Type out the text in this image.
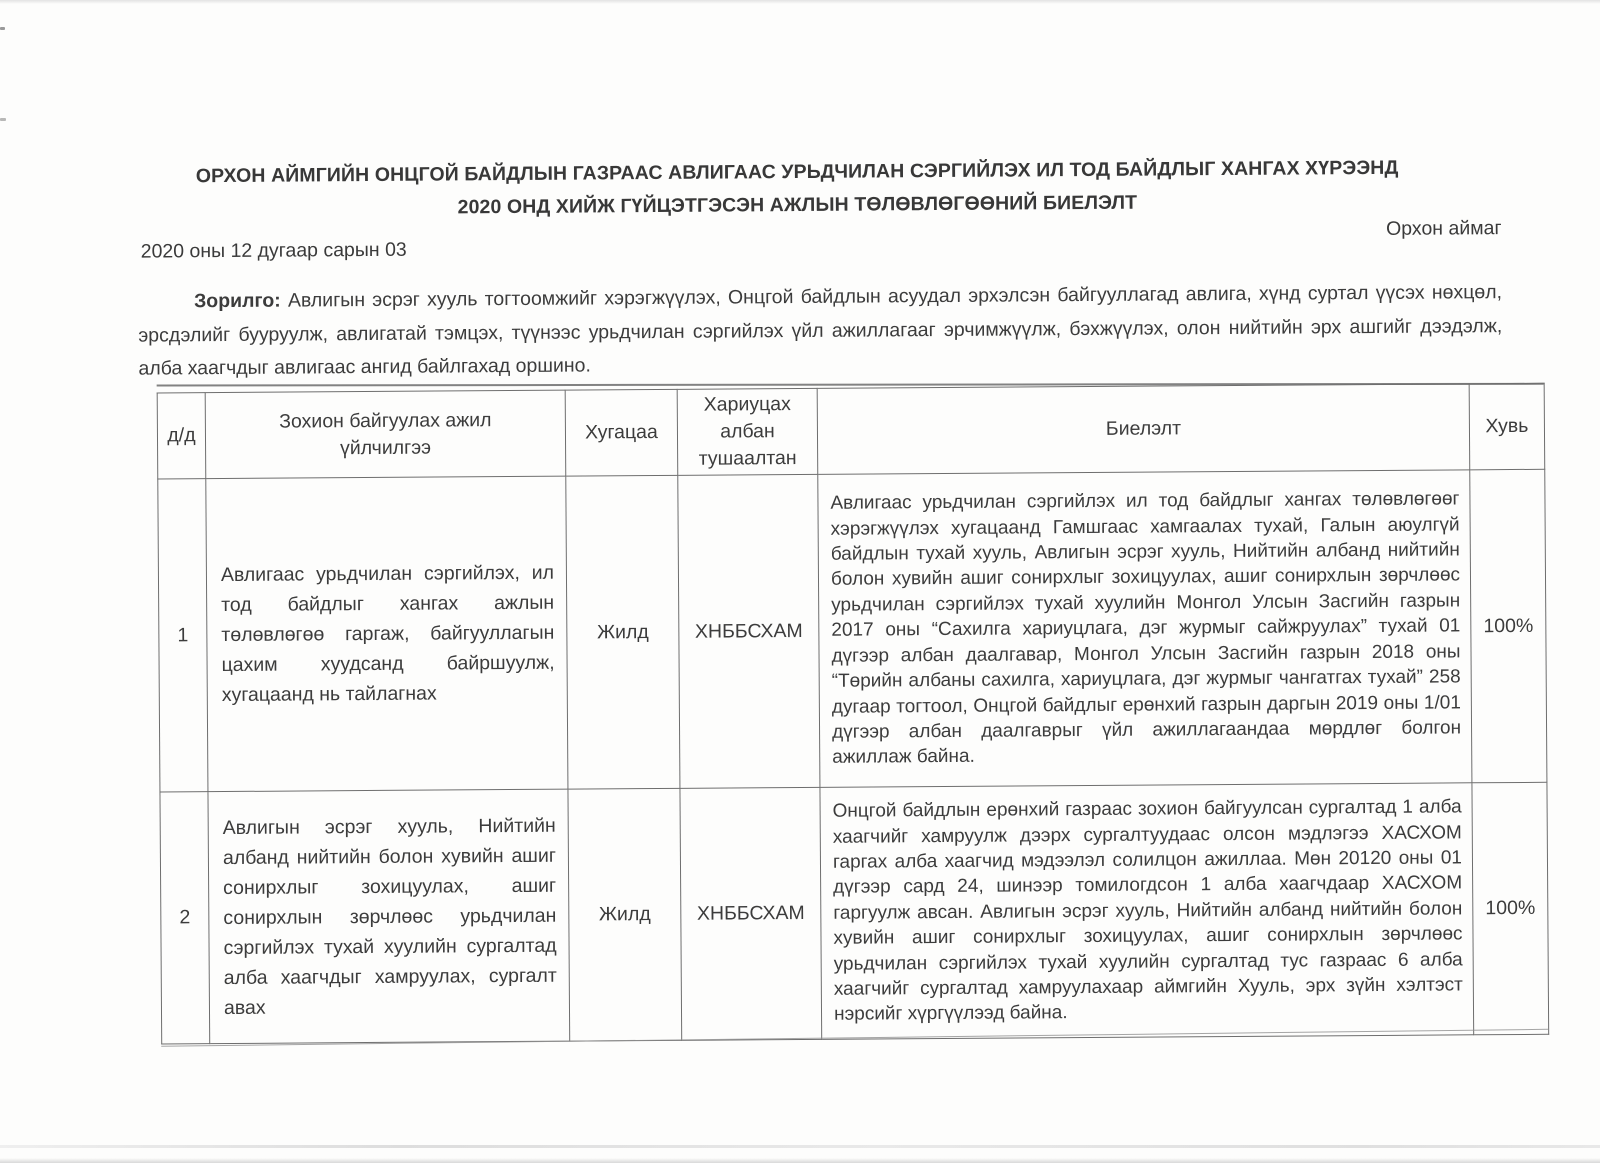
ОРХОН АЙМГИЙН ОНЦГОЙ БАЙДЛЫН ГАЗРААС АВЛИГААС УРЬДЧИЛАН СЭРГИЙЛЭХ ИЛ ТОД БАЙДЛЫГ ХАНГАХ ХҮРЭЭНД
2020 ОНД ХИЙЖ ГҮЙЦЭТГЭСЭН АЖЛЫН ТӨЛӨВЛӨГӨӨНИЙ БИЕЛЭЛТ
2020 оны 12 дугаар сарын 03
Орхон аймаг
Зорилго: Авлигын эсрэг хууль тогтоомжийг хэрэгжүүлэх, Онцгой байдлын асуудал эрхэлсэн байгууллагад авлига, хүнд суртал үүсэх нөхцөл, эрсдэлийг бууруулж, авлигатай тэмцэх, түүнээс урьдчилан сэргийлэх үйл ажиллагааг эрчимжүүлж, бэхжүүлэх, олон нийтийн эрх ашгийг дээдэлж, алба хаагчдыг авлигаас ангид байлгахад оршино.
д/д	Зохион байгуулах ажил үйлчилгээ	Хугацаа	Хариуцах албан тушаалтан	Биелэлт	Хувь
1	Авлигаас урьдчилан сэргийлэх, ил тод байдлыг хангах ажлын төлөвлөгөө гаргаж, байгууллагын цахим хуудсанд байршуулж, хугацаанд нь тайлагнах	Жилд	ХНББСХАМ	Авлигаас урьдчилан сэргийлэх ил тод байдлыг хангах төлөвлөгөөг хэрэгжүүлэх хугацаанд Гамшгаас хамгаалах тухай, Галын аюулгүй байдлын тухай хууль, Авлигын эсрэг хууль, Нийтийн албанд нийтийн болон хувийн ашиг сонирхлыг зохицуулах, ашиг сонирхлын зөрчлөөс урьдчилан сэргийлэх тухай хуулийн Монгол Улсын Засгийн газрын 2017 оны “Сахилга хариуцлага, дэг журмыг сайжруулах” тухай 01 дүгээр албан даалгавар, Монгол Улсын Засгийн газрын 2018 оны “Төрийн албаны сахилга, хариуцлага, дэг журмыг чангатгах тухай” 258 дугаар тогтоол, Онцгой байдлыг ерөнхий газрын даргын 2019 оны 1/01 дүгээр албан даалгаврыг үйл ажиллагаандаа мөрдлөг болгон ажиллаж байна.	100%
2	Авлигын эсрэг хууль, Нийтийн албанд нийтийн болон хувийн ашиг сонирхлыг зохицуулах, ашиг сонирхлын зөрчлөөс урьдчилан сэргийлэх тухай хуулийн сургалтад алба хаагчдыг хамруулах, сургалт авах	Жилд	ХНББСХАМ	Онцгой байдлын ерөнхий газраас зохион байгуулсан сургалтад 1 алба хаагчийг хамруулж дээрх сургалтуудаас олсон мэдлэгээ ХАСХОМ гаргах алба хаагчид мэдээлэл солилцон ажиллаа. Мөн 20120 оны 01 дүгээр сард 24, шинээр томилогдсон 1 алба хаагчдаар ХАСХОМ гаргуулж авсан. Авлигын эсрэг хууль, Нийтийн албанд нийтийн болон хувийн ашиг сонирхлыг зохицуулах, ашиг сонирхлын зөрчлөөс урьдчилан сэргийлэх тухай хуулийн сургалтад тус газраас 6 алба хаагчийг сургалтад хамруулахаар аймгийн Хууль, эрх зүйн хэлтэст нэрсийг хүргүүлээд байна.	100%
